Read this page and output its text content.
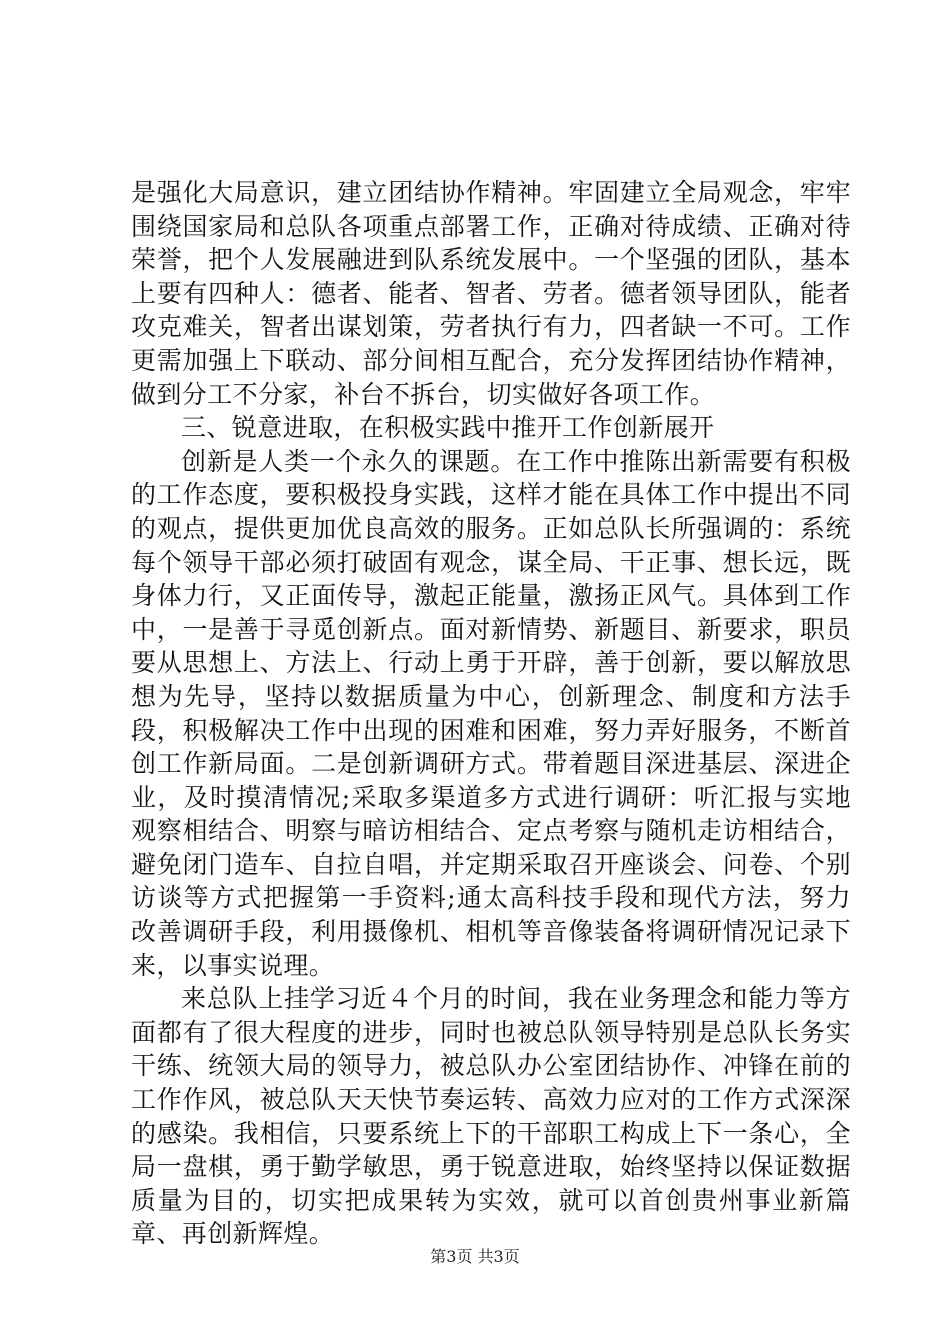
是强化大局意识，建立团结协作精神。牢固建立全局观念，牢牢围绕国家局和总队各项重点部署工作，正确对待成绩、正确对待荣誉，把个人发展融进到队系统发展中。一个坚强的团队，基本上要有四种人：德者、能者、智者、劳者。德者领导团队，能者攻克难关，智者出谋划策，劳者执行有力，四者缺一不可。工作更需加强上下联动、部分间相互配合，充分发挥团结协作精神，做到分工不分家，补台不拆台，切实做好各项工作。

三、锐意进取，在积极实践中推开工作创新展开

创新是人类一个永久的课题。在工作中推陈出新需要有积极的工作态度，要积极投身实践，这样才能在具体工作中提出不同的观点，提供更加优良高效的服务。正如总队长所强调的：系统每个领导干部必须打破固有观念，谋全局、干正事、想长远，既身体力行，又正面传导，激起正能量，激扬正风气。具体到工作中，一是善于寻觅创新点。面对新情势、新题目、新要求，职员要从思想上、方法上、行动上勇于开辟，善于创新，要以解放思想为先导，坚持以数据质量为中心，创新理念、制度和方法手段，积极解决工作中出现的困难和困难，努力弄好服务，不断首创工作新局面。二是创新调研方式。带着题目深进基层、深进企业，及时摸清情况;采取多渠道多方式进行调研：听汇报与实地观察相结合、明察与暗访相结合、定点考察与随机走访相结合，避免闭门造车、自拉自唱，并定期采取召开座谈会、问卷、个别访谈等方式把握第一手资料;通太高科技手段和现代方法，努力改善调研手段，利用摄像机、相机等音像装备将调研情况记录下来，以事实说理。

来总队上挂学习近４个月的时间，我在业务理念和能力等方面都有了很大程度的进步，同时也被总队领导特别是总队长务实干练、统领大局的领导力，被总队办公室团结协作、冲锋在前的工作作风，被总队天天快节奏运转、高效力应对的工作方式深深的感染。我相信，只要系统上下的干部职工构成上下一条心，全局一盘棋，勇于勤学敏思，勇于锐意进取，始终坚持以保证数据质量为目的，切实把成果转为实效，就可以首创贵州事业新篇章、再创新辉煌。

第3页 共3页
